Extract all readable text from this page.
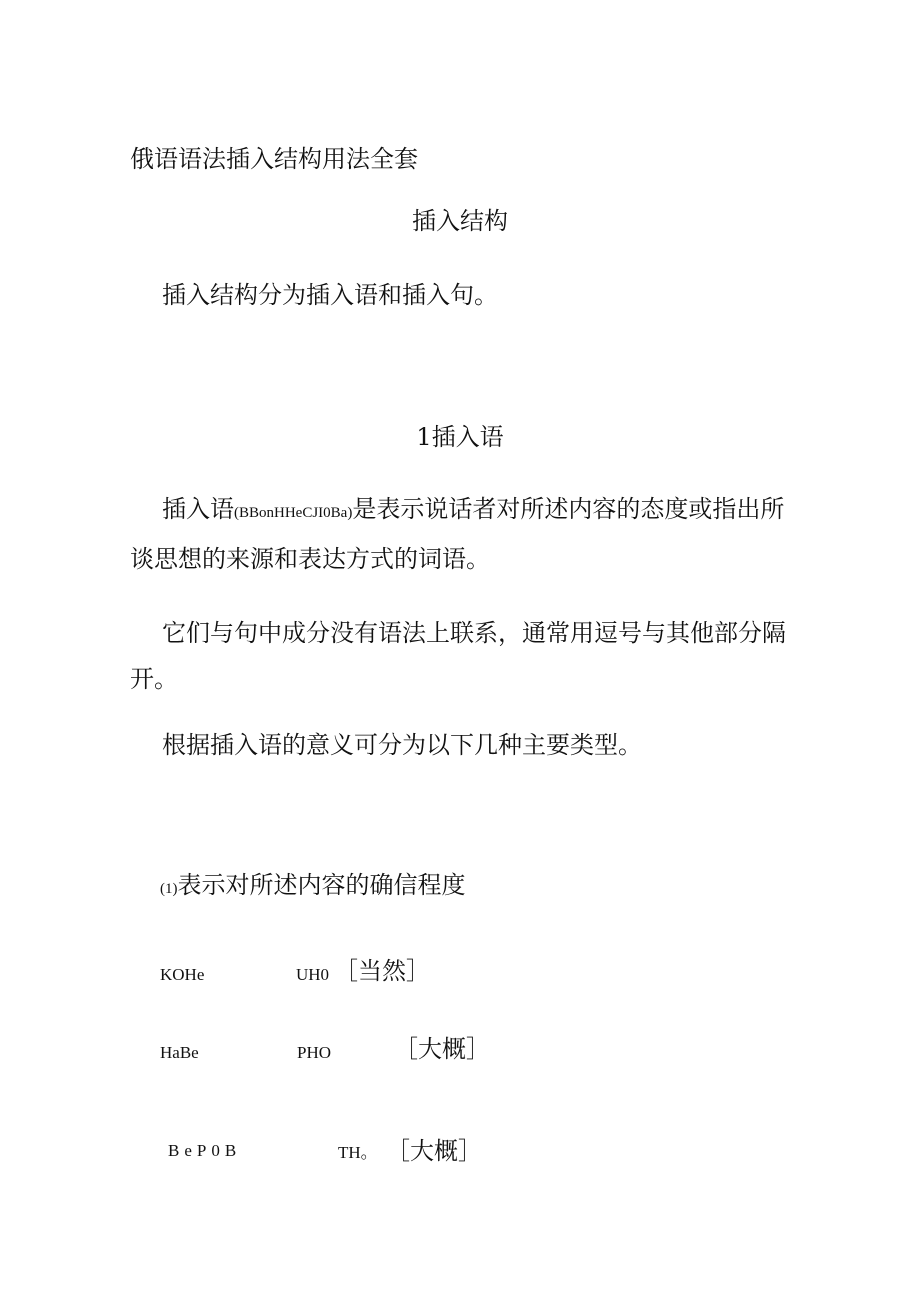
俄语语法插入结构用法全套
插入结构
插入结构分为插入语和插入句。
1插入语
插入语(BBonHHeCJI0Ba)是表示说话者对所述内容的态度或指出所谈思想的来源和表达方式的词语。
它们与句中成分没有语法上联系，通常用逗号与其他部分隔开。
根据插入语的意义可分为以下几种主要类型。
(1)表示对所述内容的确信程度
KOHe	UH0 ［当然］
HaBe	PHO	［大概］
BeP0B	TH。 ［大概］
